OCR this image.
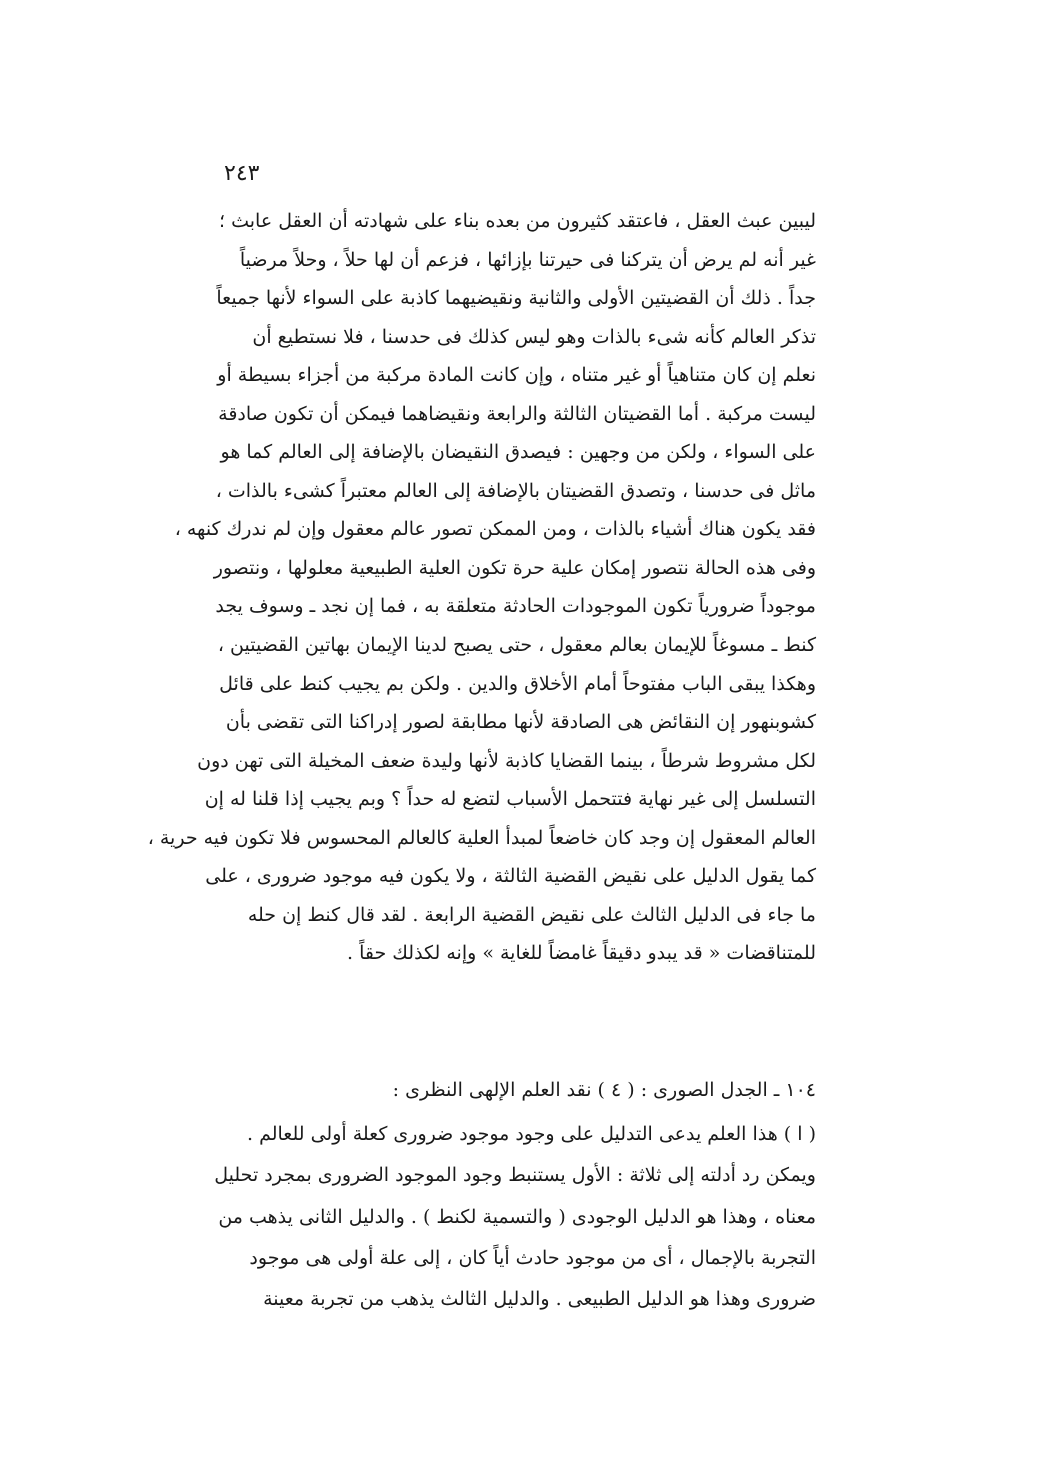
٢٤٣
ليبين عبث العقل ، فاعتقد كثيرون من بعده بناء على شهادته أن العقل عابث ؛
غير أنه لم يرض أن يتركنا فى حيرتنا بإزائها ، فزعم أن لها حلاً ، وحلاً مرضياً
جداً . ذلك أن القضيتين الأولى والثانية ونقيضيهما كاذبة على السواء لأنها جميعاً
تذكر العالم كأنه شىء بالذات وهو ليس كذلك فى حدسنا ، فلا نستطيع أن
نعلم إن كان متناهياً أو غير متناه ، وإن كانت المادة مركبة من أجزاء بسيطة أو
ليست مركبة . أما القضيتان الثالثة والرابعة ونقيضاهما فيمكن أن تكون صادقة
على السواء ، ولكن من وجهين : فيصدق النقيضان بالإضافة إلى العالم كما هو
ماثل فى حدسنا ، وتصدق القضيتان بالإضافة إلى العالم معتبراً كشىء بالذات ،
فقد يكون هناك أشياء بالذات ، ومن الممكن تصور عالم معقول وإن لم ندرك كنهه ،
وفى هذه الحالة نتصور إمكان علية حرة تكون العلية الطبيعية معلولها ، ونتصور
موجوداً ضرورياً تكون الموجودات الحادثة متعلقة به ، فما إن نجد ـ وسوف يجد
كنط ـ مسوغاً للإيمان بعالم معقول ، حتى يصبح لدينا الإيمان بهاتين القضيتين ،
وهكذا يبقى الباب مفتوحاً أمام الأخلاق والدين . ولكن بم يجيب كنط على قائل
كشوبنهور إن النقائض هى الصادقة لأنها مطابقة لصور إدراكنا التى تقضى بأن
لكل مشروط شرطاً ، بينما القضايا كاذبة لأنها وليدة ضعف المخيلة التى تهن دون
التسلسل إلى غير نهاية فتتحمل الأسباب لتضع له حداً ؟ وبم يجيب إذا قلنا له إن
العالم المعقول إن وجد كان خاضعاً لمبدأ العلية كالعالم المحسوس فلا تكون فيه حرية ،
كما يقول الدليل على نقيض القضية الثالثة ، ولا يكون فيه موجود ضرورى ، على
ما جاء فى الدليل الثالث على نقيض القضية الرابعة . لقد قال كنط إن حله
للمتناقضات « قد يبدو دقيقاً غامضاً للغاية » وإنه لكذلك حقاً .
١٠٤ ـ الجدل الصورى : ( ٤ ) نقد العلم الإلهى النظرى :
( ا ) هذا العلم يدعى التدليل على وجود موجود ضرورى كعلة أولى للعالم .
ويمكن رد أدلته إلى ثلاثة : الأول يستنبط وجود الموجود الضرورى بمجرد تحليل
معناه ، وهذا هو الدليل الوجودى ( والتسمية لكنط ) . والدليل الثانى يذهب من
التجربة بالإجمال ، أى من موجود حادث أياً كان ، إلى علة أولى هى موجود
ضرورى وهذا هو الدليل الطبيعى . والدليل الثالث يذهب من تجربة معينة
